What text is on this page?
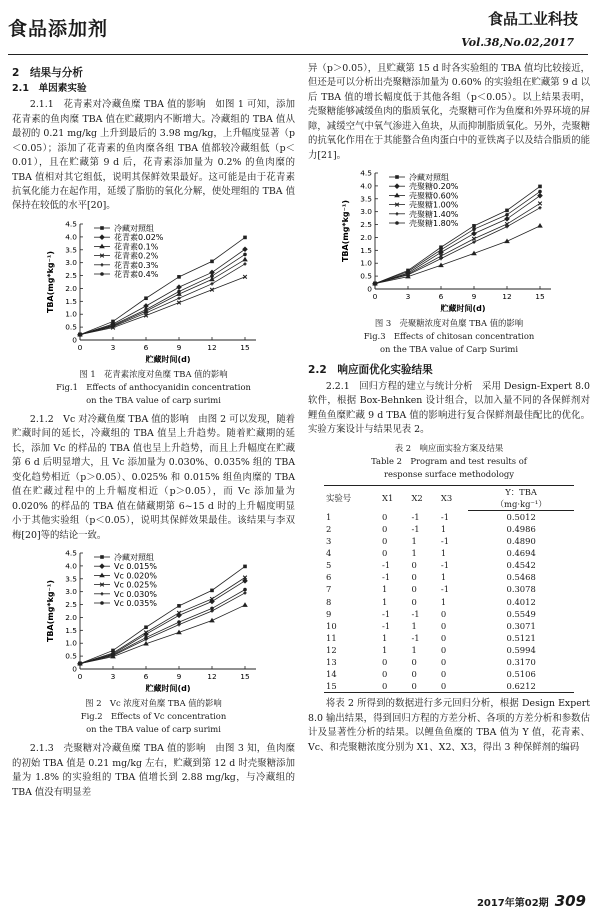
食品添加剂	食品工业科技
Vol.38,No.02,2017
2　结果与分析
2.1　单因素实验

2.1.1　花青素对冷藏鱼糜 TBA 值的影响　如图 1 可知，添加花青素的鱼肉糜 TBA 值在贮藏期内不断增大。冷藏组的 TBA 值从最初的 0.21 mg/kg 上升到最后的 3.98 mg/kg，上升幅度显著（p＜0.05）；添加了花青素的鱼肉糜各组 TBA 值都较冷藏组低（p＜0.01），且在贮藏第 9 d 后，花青素添加量为 0.2% 的鱼肉糜的 TBA 值相对其它组低，说明其保鲜效果最好。这可能是由于花青素抗氧化能力在起作用，延缓了脂肪的氧化分解，使处理组的 TBA 值保持在较低的水平[20]。

0
0.5
1.0
1.5
2.0
2.5
3.0
3.5
4.0
4.5
0	3	6	9	12	15
贮藏时间(d)
TBA(mg*kg⁻¹)
冷藏对照组
花青素0.02%
花青素0.1%
花青素0.2%
花青素0.3%
花青素0.4%

图 1　花青素浓度对鱼糜 TBA 值的影响

Fig.1　Effects of anthocyanidin concentration

on the TBA value of carp surimi

2.1.2　Vc 对冷藏鱼糜 TBA 值的影响　由图 2 可以发现，随着贮藏时间的延长，冷藏组的 TBA 值呈上升趋势。随着贮藏期的延长，添加 Vc 的样品的 TBA 值也呈上升趋势，而且上升幅度在贮藏第 6 d 后明显增大，且 Vc 添加量为 0.030%、0.035% 组的 TBA 变化趋势相近（p＞0.05）、0.025% 和 0.015% 组鱼肉糜的 TBA 值在贮藏过程中的上升幅度相近（p＞0.05），而 Vc 添加量为 0.020% 的样品的 TBA 值在储藏期第 6~15 d 时的上升幅度明显小于其他实验组（p＜0.05），说明其保鲜效果最佳。该结果与李双梅[20]等的结论一致。

0
0.5
1.0
1.5
2.0
2.5
3.0
3.5
4.0
4.5
0	3	6	9	12	15
贮藏时间(d)
TBA(mg*kg⁻¹)
冷藏对照组
Vc 0.015%
Vc 0.020%
Vc 0.025%
Vc 0.030%
Vc 0.035%

图 2　Vc 浓度对鱼糜 TBA 值的影响

Fig.2　Effects of Vc concentration

on the TBA value of carp surimi

2.1.3　壳聚糖对冷藏鱼糜 TBA 值的影响　由图 3 知，鱼肉糜的初始 TBA 值是 0.21 mg/kg 左右，贮藏到第 12 d 时壳聚糖添加量为 1.8% 的实验组的 TBA 值增长到 2.88 mg/kg，与冷藏组的 TBA 值没有明显差

异（p＞0.05），且贮藏第 15 d 时各实验组的 TBA 值均比较接近，但还是可以分析出壳聚糖添加量为 0.60% 的实验组在贮藏第 9 d 以后 TBA 值的增长幅度低于其他各组（p＜0.05）。以上结果表明，壳聚糖能够减缓鱼肉的脂质氧化，壳聚糖可作为鱼糜和外界环境的屏障，减缓空气中氧气渗进入鱼块，从而抑制脂质氧化。另外，壳聚糖的抗氧化作用在于其能螯合鱼肉蛋白中的亚铁离子以及结合脂质的能力[21]。

0
0.5
1.0
1.5
2.0
2.5
3.0
3.5
4.0
4.5
0	3	6	9	12	15
贮藏时间(d)
TBA(mg*kg⁻¹)
冷藏对照组
壳聚糖0.20%
壳聚糖0.60%
壳聚糖1.00%
壳聚糖1.40%
壳聚糖1.80%

图 3　壳聚糖浓度对鱼糜 TBA 值的影响

Fig.3　Effects of chitosan concentration

on the TBA value of Carp Surimi

2.2　响应面优化实验结果

2.2.1　回归方程的建立与统计分析　采用 Design-Expert 8.0 软件，根据 Box-Behnken 设计组合，以加入量不同的各保鲜剂对鲤鱼鱼糜贮藏 9 d TBA 值的影响进行复合保鲜剂最佳配比的优化。实验方案设计与结果见表 2。

表 2　响应面实验方案及结果

Table 2　Program and test results of

response surface methodology

实验号	X1	X2	X3	Y：TBA
				（mg·kg⁻¹）
1	0	-1	-1	0.5012
2	0	-1	1	0.4986
3	0	1	-1	0.4890
4	0	1	1	0.4694
5	-1	0	-1	0.4542
6	-1	0	1	0.5468
7	1	0	-1	0.3078
8	1	0	1	0.4012
9	-1	-1	0	0.5549
10	-1	1	0	0.3071
11	1	-1	0	0.5121
12	1	1	0	0.5994
13	0	0	0	0.3170
14	0	0	0	0.5106
15	0	0	0	0.6212

将表 2 所得到的数据进行多元回归分析，根据 Design Expert 8.0 输出结果，得到回归方程的方差分析、各项的方差分析和参数估计及显著性分析的结果。以鲤鱼鱼糜的 TBA 值为 Y 值，花青素、Vc、和壳聚糖浓度分别为 X1、X2、X3，得出 3 种保鲜剂的编码

2017年第02期 309
